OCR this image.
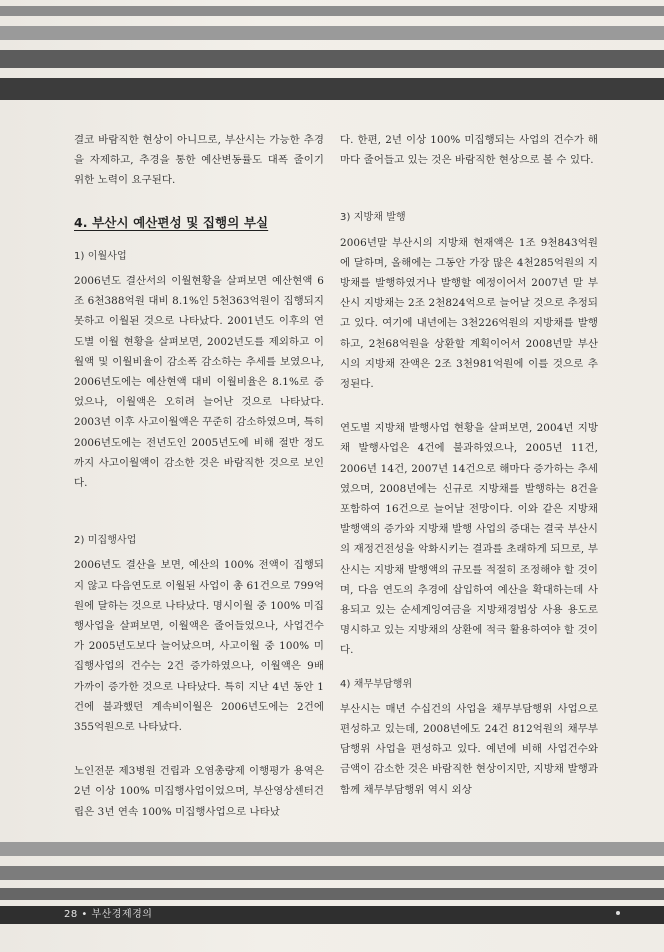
결코 바람직한 현상이 아니므로, 부산시는 가능한 추경을 자제하고, 추경을 통한 예산변동률도 대폭 줄이기 위한 노력이 요구된다.

4. 부산시 예산편성 및 집행의 부실
1) 이월사업

2006년도 결산서의 이월현황을 살펴보면 예산현액 6조 6천388억원 대비 8.1%인 5천363억원이 집행되지 못하고 이월된 것으로 나타났다. 2001년도 이후의 연도별 이월 현황을 살펴보면, 2002년도를 제외하고 이월액 및 이월비율이 감소폭 감소하는 추세를 보였으나, 2006년도에는 예산현액 대비 이월비율은 8.1%로 증었으나, 이월액은 오히려 늘어난 것으로 나타났다. 2003년 이후 사고이월액은 꾸준히 감소하였으며, 특히 2006년도에는 전년도인 2005년도에 비해 절반 정도까지 사고이월액이 감소한 것은 바람직한 것으로 보인다.

2) 미집행사업

2006년도 결산을 보면, 예산의 100% 전액이 집행되지 않고 다음연도로 이월된 사업이 총 61건으로 799억원에 달하는 것으로 나타났다. 명시이월 중 100% 미집행사업을 살펴보면, 이월액은 줄어들었으나, 사업건수가 2005년도보다 늘어났으며, 사고이월 중 100% 미집행사업의 건수는 2건 증가하였으나, 이월액은 9배 가까이 증가한 것으로 나타났다. 특히 지난 4년 동안 1건에 불과했던 계속비이월은 2006년도에는 2건에 355억원으로 나타났다.

노인전문 제3병원 건립과 오염총량제 이행평가 용역은 2년 이상 100% 미집행사업이었으며, 부산영상센터건립은 3년 연속 100% 미집행사업으로 나타났

다. 한편, 2년 이상 100% 미집행되는 사업의 건수가 해마다 줄어들고 있는 것은 바람직한 현상으로 볼 수 있다.

3) 지방채 발행

2006년말 부산시의 지방채 현재액은 1조 9천843억원에 달하며, 올해에는 그동안 가장 많은 4천285억원의 지방채를 발행하였거나 발행할 예정이어서 2007년 말 부산시 지방채는 2조 2천824억으로 늘어날 것으로 추정되고 있다. 여기에 내년에는 3천226억원의 지방채를 발행하고, 2천68억원을 상환할 계획이어서 2008년말 부산시의 지방채 잔액은 2조 3천981억원에 이를 것으로 추정된다.

연도별 지방채 발행사업 현황을 살펴보면, 2004년 지방채 발행사업은 4건에 불과하였으나, 2005년 11건, 2006년 14건, 2007년 14건으로 해마다 증가하는 추세였으며, 2008년에는 신규로 지방채를 발행하는 8건을 포함하여 16건으로 늘어날 전망이다. 이와 같은 지방채 발행액의 증가와 지방채 발행 사업의 증대는 결국 부산시의 재정건전성을 악화시키는 결과를 초래하게 되므로, 부산시는 지방채 발행액의 규모를 적절히 조정해야 할 것이며, 다음 연도의 추경에 삽입하여 예산을 확대하는데 사용되고 있는 순세계잉여금을 지방채경법상 사용 용도로 명시하고 있는 지방채의 상환에 적극 활용하여야 할 것이다.

4) 채무부담행위

부산시는 매년 수십건의 사업을 채무부담행위 사업으로 편성하고 있는데, 2008년에도 24건 812억원의 채무부담행위 사업을 편성하고 있다. 예년에 비해 사업건수와 금액이 감소한 것은 바람직한 현상이지만, 지방채 발행과 함께 채무부담행위 역시 외상

28 • 부산경제경의
